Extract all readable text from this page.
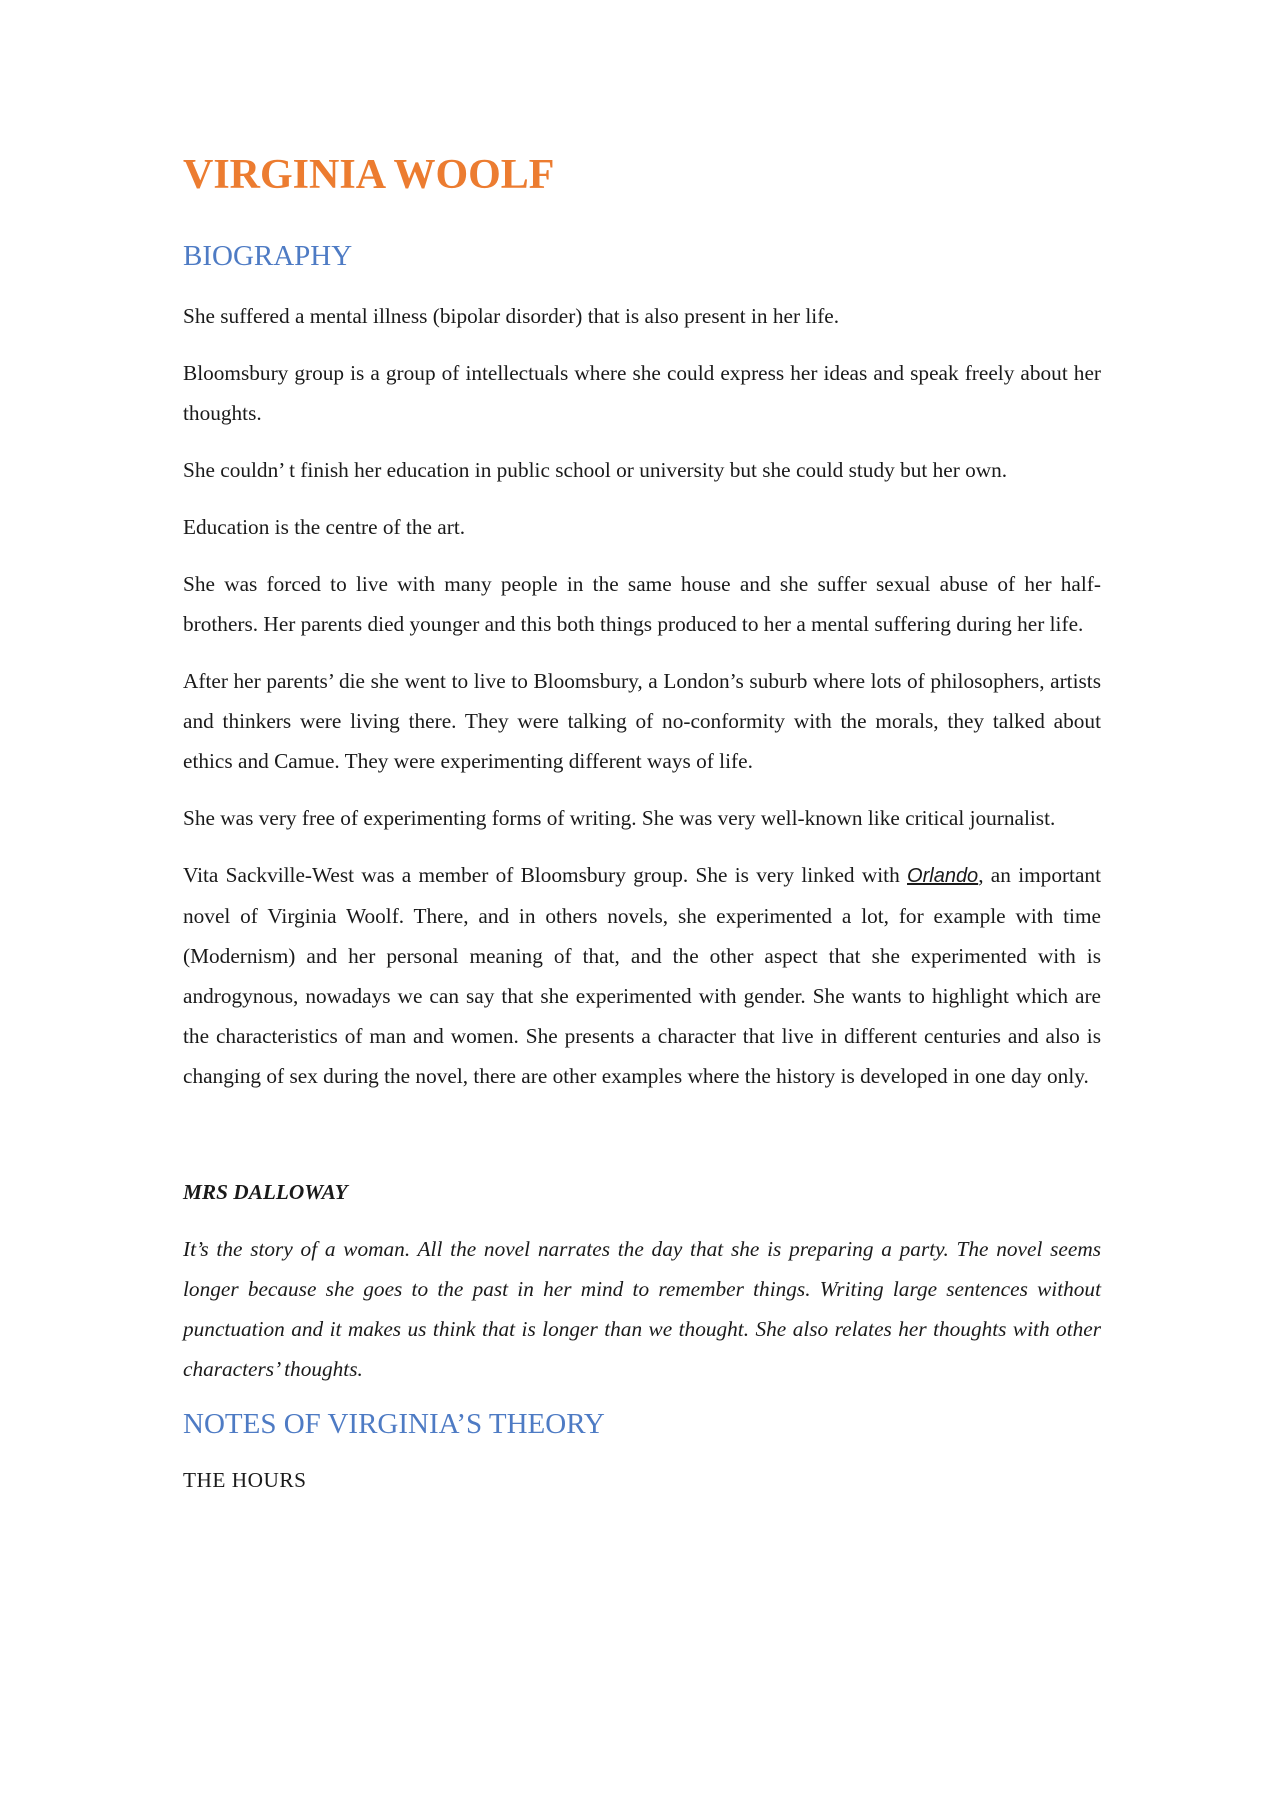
VIRGINIA WOOLF
BIOGRAPHY

She suffered a mental illness (bipolar disorder) that is also present in her life.

Bloomsbury group is a group of intellectuals where she could express her ideas and speak freely about her thoughts.

She couldn’ t finish her education in public school or university but she could study but her own.

Education is the centre of the art.

She was forced to live with many people in the same house and she suffer sexual abuse of her half-brothers. Her parents died younger and this both things produced to her a mental suffering during her life.

After her parents’ die she went to live to Bloomsbury, a London’s suburb where lots of philosophers, artists and thinkers were living there. They were talking of no-conformity with the morals, they talked about ethics and Camue. They were experimenting different ways of life.

She was very free of experimenting forms of writing. She was very well-known like critical journalist.

Vita Sackville-West was a member of Bloomsbury group. She is very linked with Orlando, an important novel of Virginia Woolf. There, and in others novels, she experimented a lot, for example with time (Modernism) and her personal meaning of that, and the other aspect that she experimented with is androgynous, nowadays we can say that she experimented with gender. She wants to highlight which are the characteristics of man and women. She presents a character that live in different centuries and also is changing of sex during the novel, there are other examples where the history is developed in one day only.

MRS DALLOWAY

It’s the story of a woman. All the novel narrates the day that she is preparing a party. The novel seems longer because she goes to the past in her mind to remember things. Writing large sentences without punctuation and it makes us think that is longer than we thought. She also relates her thoughts with other characters’ thoughts.

NOTES OF VIRGINIA’S THEORY

THE HOURS
